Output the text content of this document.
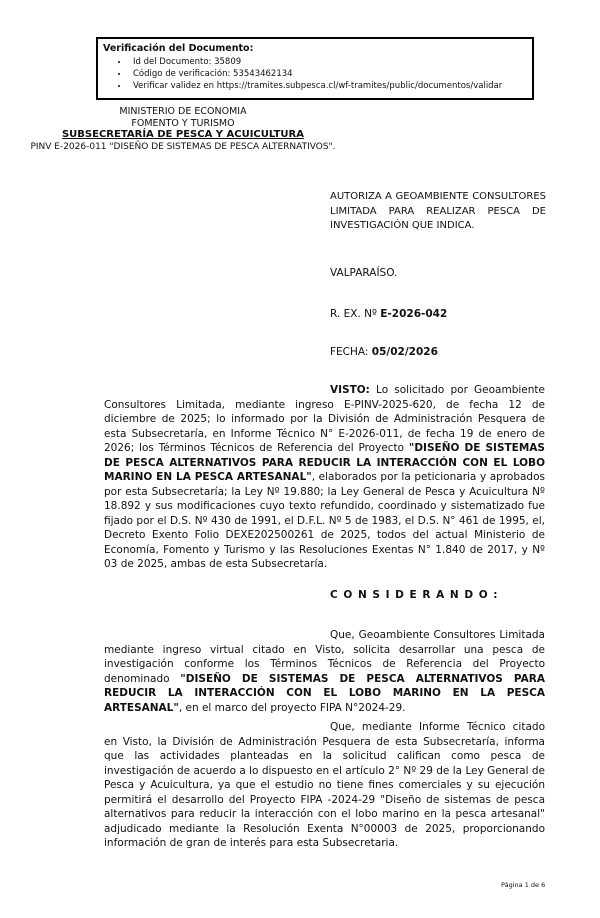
Verificación del Documento:
• Id del Documento: 35809
• Código de verificación: 53543462134
• Verificar validez en https://tramites.subpesca.cl/wf-tramites/public/documentos/validar
MINISTERIO DE ECONOMIA
FOMENTO Y TURISMO
SUBSECRETARÍA DE PESCA Y ACUICULTURA
PINV E-2026-011 "DISEÑO DE SISTEMAS DE PESCA ALTERNATIVOS".
AUTORIZA A GEOAMBIENTE CONSULTORES LIMITADA PARA REALIZAR PESCA DE INVESTIGACIÓN QUE INDICA.
VALPARAÍSO.
R. EX. Nº E-2026-042
FECHA: 05/02/2026

VISTO: Lo solicitado por Geoambiente Consultores Limitada, mediante ingreso E-PINV-2025-620, de fecha 12 de diciembre de 2025; lo informado por la División de Administración Pesquera de esta Subsecretaría, en Informe Técnico N° E-2026-011, de fecha 19 de enero de 2026; los Términos Técnicos de Referencia del Proyecto "DISEÑO DE SISTEMAS DE PESCA ALTERNATIVOS PARA REDUCIR LA INTERACCIÓN CON EL LOBO MARINO EN LA PESCA ARTESANAL", elaborados por la peticionaria y aprobados por esta Subsecretaría; la Ley Nº 19.880; la Ley General de Pesca y Acuicultura Nº 18.892 y sus modificaciones cuyo texto refundido, coordinado y sistematizado fue fijado por el D.S. Nº 430 de 1991, el D.F.L. Nº 5 de 1983, el D.S. N° 461 de 1995, el, Decreto Exento Folio DEXE202500261 de 2025, todos del actual Ministerio de Economía, Fomento y Turismo y las Resoluciones Exentas N° 1.840 de 2017, y Nº 03 de 2025, ambas de esta Subsecretaría.

C O N S I D E R A N D O :

Que, Geoambiente Consultores Limitada mediante ingreso virtual citado en Visto, solicita desarrollar una pesca de investigación conforme los Términos Técnicos de Referencia del Proyecto denominado "DISEÑO DE SISTEMAS DE PESCA ALTERNATIVOS PARA REDUCIR LA INTERACCIÓN CON EL LOBO MARINO EN LA PESCA ARTESANAL", en el marco del proyecto FIPA N°2024-29.

Que, mediante Informe Técnico citado en Visto, la División de Administración Pesquera de esta Subsecretaría, informa que las actividades planteadas en la solicitud califican como pesca de investigación de acuerdo a lo dispuesto en el artículo 2° Nº 29 de la Ley General de Pesca y Acuicultura, ya que el estudio no tiene fines comerciales y su ejecución permitirá el desarrollo del Proyecto FIPA -2024-29 "Diseño de sistemas de pesca alternativos para reducir la interacción con el lobo marino en la pesca artesanal" adjudicado mediante la Resolución Exenta N°00003 de 2025, proporcionando información de gran de interés para esta Subsecretaria.

Página 1 de 6
